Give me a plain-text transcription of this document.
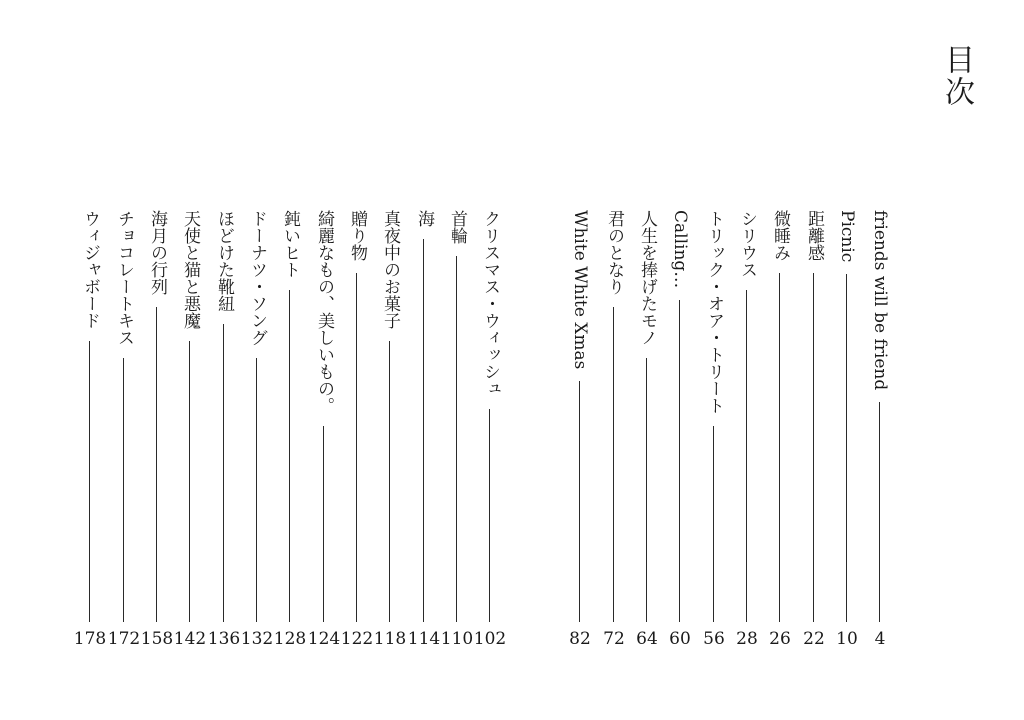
目次
friends will be friend
4
Picnic
10
距離感
22
微睡み
26
シリウス
28
トリック・オア・トリート
56
Calling…
60
人生を捧げたモノ
64
君のとなり
72
White White Xmas
82
クリスマス・ウィッシュ
102
首輪
110
海
114
真夜中のお菓子
118
贈り物
122
綺麗なもの、美しいもの。
124
鈍いヒト
128
ドーナツ・ソング
132
ほどけた靴紐
136
天使と猫と悪魔
142
海月の行列
158
チョコレートキス
172
ウィジャボード
178
